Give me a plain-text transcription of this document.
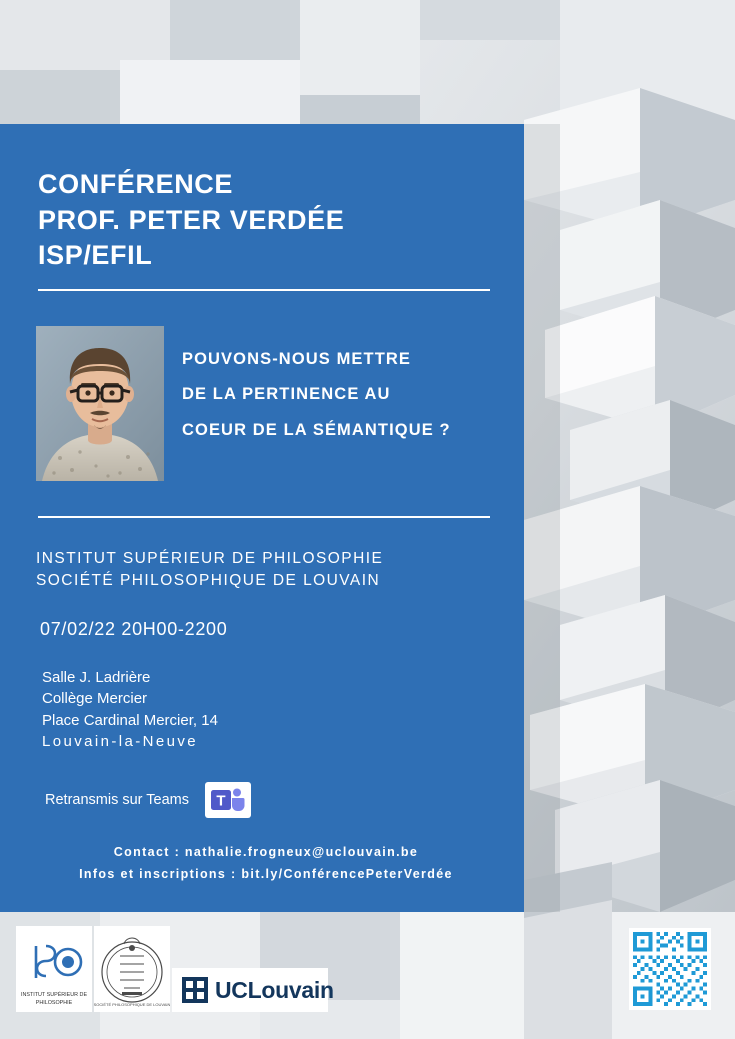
CONFÉRENCE
PROF. PETER VERDÉE
ISP/EFIL
POUVONS-NOUS METTRE
DE LA PERTINENCE AU
COEUR DE LA SÉMANTIQUE ?
INSTITUT SUPÉRIEUR DE PHILOSOPHIE
SOCIÉTÉ PHILOSOPHIQUE DE LOUVAIN
07/02/22 20H00-2200
Salle J. Ladrière
Collège Mercier
Place Cardinal Mercier, 14
Louvain-la-Neuve
Retransmis sur Teams T
Contact : nathalie.frogneux@uclouvain.be
Infos et inscriptions : bit.ly/ConférencePeterVerdée
INSTITUT SUPÉRIEUR DE
PHILOSOPHIE	SOCIÉTÉ PHILOSOPHIQUE DE LOUVAIN
UCLouvain
